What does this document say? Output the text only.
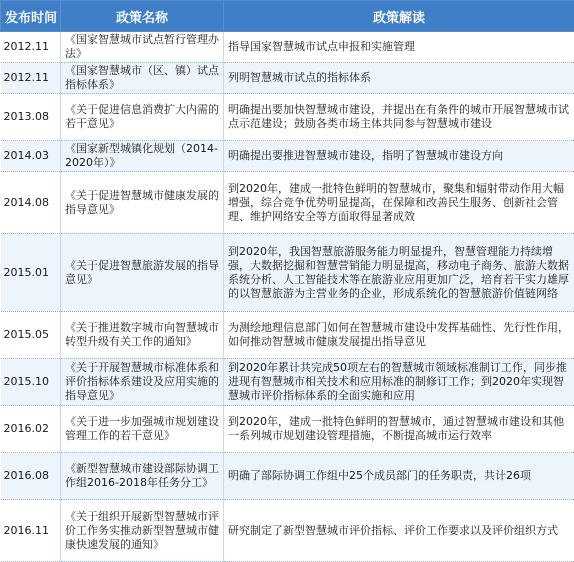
发布时间	政策名称	政策解读
2012.11	《国家智慧城市试点暂行管理办法》	指导国家智慧城市试点申报和实施管理
2012.11	《国家智慧城市（区、镇）试点指标体系》	列明智慧城市试点的指标体系
2013.08	《关于促进信息消费扩大内需的若干意见》	明确提出要加快智慧城市建设，并提出在有条件的城市开展智慧城市试点示范建设；鼓励各类市场主体共同参与智慧城市建设
2014.03	《国家新型城镇化规划（2014-2020年）》	明确提出要推进智慧城市建设，指明了智慧城市建设方向
2014.08	《关于促进智慧城市健康发展的指导意见》	到2020年，建成一批特色鲜明的智慧城市，聚集和辐射带动作用大幅增强，综合竞争优势明显提高，在保障和改善民生服务、创新社会管理、维护网络安全等方面取得显著成效
2015.01	《关于促进智慧旅游发展的指导意见》	到2020年，我国智慧旅游服务能力明显提升，智慧管理能力持续增强，大数据挖掘和智慧营销能力明显提高，移动电子商务、旅游大数据系统分析、人工智能技术等在旅游业应用更加广泛，培育若干实力雄厚的以智慧旅游为主营业务的企业，形成系统化的智慧旅游价值链网络
2015.05	《关于推进数字城市向智慧城市转型升级有关工作的通知》	为测绘地理信息部门如何在智慧城市建设中发挥基础性、先行性作用，如何推动智慧城市健康发展提出指导意见
2015.10	《关于开展智慧城市标准体系和评价指标体系建设及应用实施的指导意见》	到2020年累计共完成50项左右的智慧城市领域标准制订工作，同步推进现有智慧城市相关技术和应用标准的制修订工作；到2020年实现智慧城市评价指标体系的全面实施和应用
2016.02	《关于进一步加强城市规划建设管理工作的若干意见》	到2020年，建成一批特色鲜明的智慧城市，通过智慧城市建设和其他一系列城市规划建设管理措施，不断提高城市运行效率
2016.08	《新型智慧城市建设部际协调工作组2016-2018年任务分工》	明确了部际协调工作组中25个成员部门的任务职责，共计26项
2016.11	《关于组织开展新型智慧城市评价工作务实推动新型智慧城市健康快速发展的通知》	研究制定了新型智慧城市评价指标、评价工作要求以及评价组织方式
